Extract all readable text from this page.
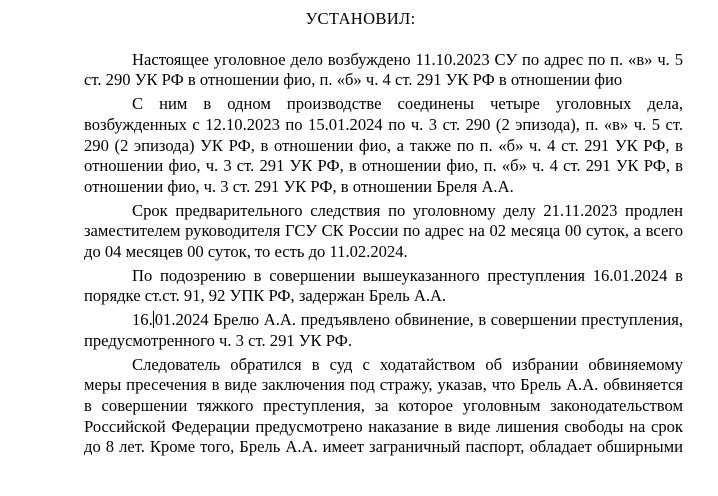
УСТАНОВИЛ:
Настоящее уголовное дело возбуждено 11.10.2023 СУ по адрес по п. «в» ч. 5
ст. 290 УК РФ в отношении фио, п. «б» ч. 4 ст. 291 УК РФ в отношении фио
С ним в одном производстве соединены четыре уголовных дела,
возбужденных с 12.10.2023 по 15.01.2024 по ч. 3 ст. 290 (2 эпизода), п. «в» ч. 5 ст.
290 (2 эпизода) УК РФ, в отношении фио, а также по п. «б» ч. 4 ст. 291 УК РФ, в
отношении фио, ч. 3 ст. 291 УК РФ, в отношении фио, п. «б» ч. 4 ст. 291 УК РФ, в
отношении фио, ч. 3 ст. 291 УК РФ, в отношении Бреля А.А.
Срок предварительного следствия по уголовному делу 21.11.2023 продлен
заместителем руководителя ГСУ СК России по адрес на 02 месяца 00 суток, а всего
до 04 месяцев 00 суток, то есть до 11.02.2024.
По подозрению в совершении вышеуказанного преступления 16.01.2024 в
порядке ст.ст. 91, 92 УПК РФ, задержан Брель А.А.
16. 01.2024 Брелю А.А. предъявлено обвинение, в совершении преступления,
предусмотренного ч. 3 ст. 291 УК РФ.
Следователь обратился в суд с ходатайством об избрании обвиняемому
меры пресечения в виде заключения под стражу, указав, что Брель А.А. обвиняется
в совершении тяжкого преступления, за которое уголовным законодательством
Российской Федерации предусмотрено наказание в виде лишения свободы на срок
до 8 лет. Кроме того, Брель А.А. имеет заграничный паспорт, обладает обширными
